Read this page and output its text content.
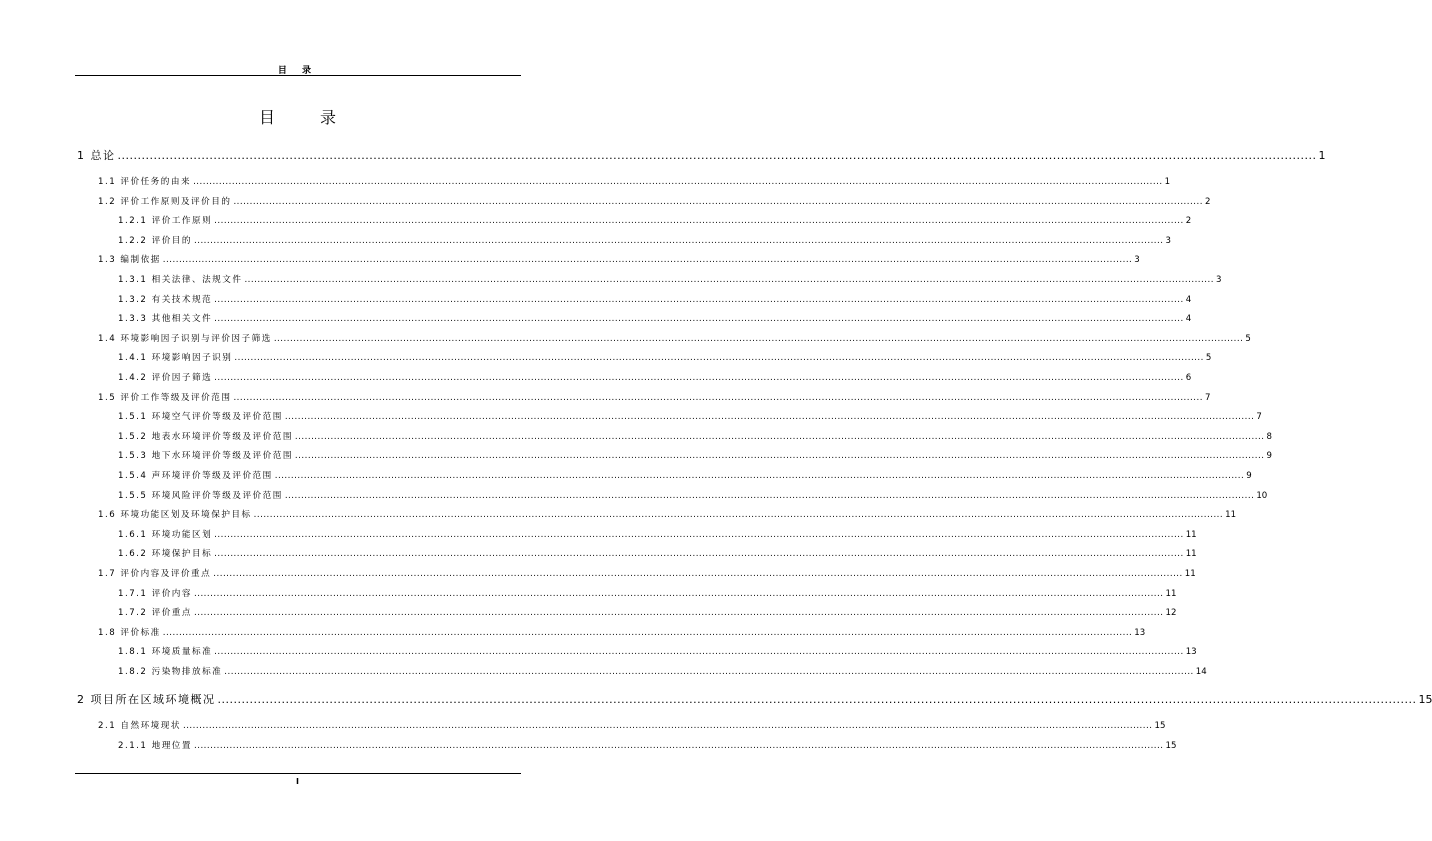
目 录
目 录
1 总论 ............................................................................................................................................................................................................................................................................................................ 1
1.1 评价任务的由来 ............................................................................................................................................................................................................................................................................................................ 1
1.2 评价工作原则及评价目的 ............................................................................................................................................................................................................................................................................................................ 2
1.2.1 评价工作原则 ............................................................................................................................................................................................................................................................................................................ 2
1.2.2 评价目的 ............................................................................................................................................................................................................................................................................................................ 3
1.3 编制依据 ............................................................................................................................................................................................................................................................................................................ 3
1.3.1 相关法律、法规文件 ............................................................................................................................................................................................................................................................................................................ 3
1.3.2 有关技术规范 ............................................................................................................................................................................................................................................................................................................ 4
1.3.3 其他相关文件 ............................................................................................................................................................................................................................................................................................................ 4
1.4 环境影响因子识别与评价因子筛选 ............................................................................................................................................................................................................................................................................................................ 5
1.4.1 环境影响因子识别 ............................................................................................................................................................................................................................................................................................................ 5
1.4.2 评价因子筛选 ............................................................................................................................................................................................................................................................................................................ 6
1.5 评价工作等级及评价范围 ............................................................................................................................................................................................................................................................................................................ 7
1.5.1 环境空气评价等级及评价范围 ............................................................................................................................................................................................................................................................................................................ 7
1.5.2 地表水环境评价等级及评价范围 ............................................................................................................................................................................................................................................................................................................ 8
1.5.3 地下水环境评价等级及评价范围 ............................................................................................................................................................................................................................................................................................................ 9
1.5.4 声环境评价等级及评价范围 ............................................................................................................................................................................................................................................................................................................ 9
1.5.5 环境风险评价等级及评价范围 ............................................................................................................................................................................................................................................................................................................ 10
1.6 环境功能区划及环境保护目标 ............................................................................................................................................................................................................................................................................................................ 11
1.6.1 环境功能区划 ............................................................................................................................................................................................................................................................................................................ 11
1.6.2 环境保护目标 ............................................................................................................................................................................................................................................................................................................ 11
1.7 评价内容及评价重点 ............................................................................................................................................................................................................................................................................................................ 11
1.7.1 评价内容 ............................................................................................................................................................................................................................................................................................................ 11
1.7.2 评价重点 ............................................................................................................................................................................................................................................................................................................ 12
1.8 评价标准 ............................................................................................................................................................................................................................................................................................................ 13
1.8.1 环境质量标准 ............................................................................................................................................................................................................................................................................................................ 13
1.8.2 污染物排放标准 ............................................................................................................................................................................................................................................................................................................ 14
2 项目所在区域环境概况 ............................................................................................................................................................................................................................................................................................................ 15
2.1 自然环境现状 ............................................................................................................................................................................................................................................................................................................ 15
2.1.1 地理位置 ............................................................................................................................................................................................................................................................................................................ 15
I
